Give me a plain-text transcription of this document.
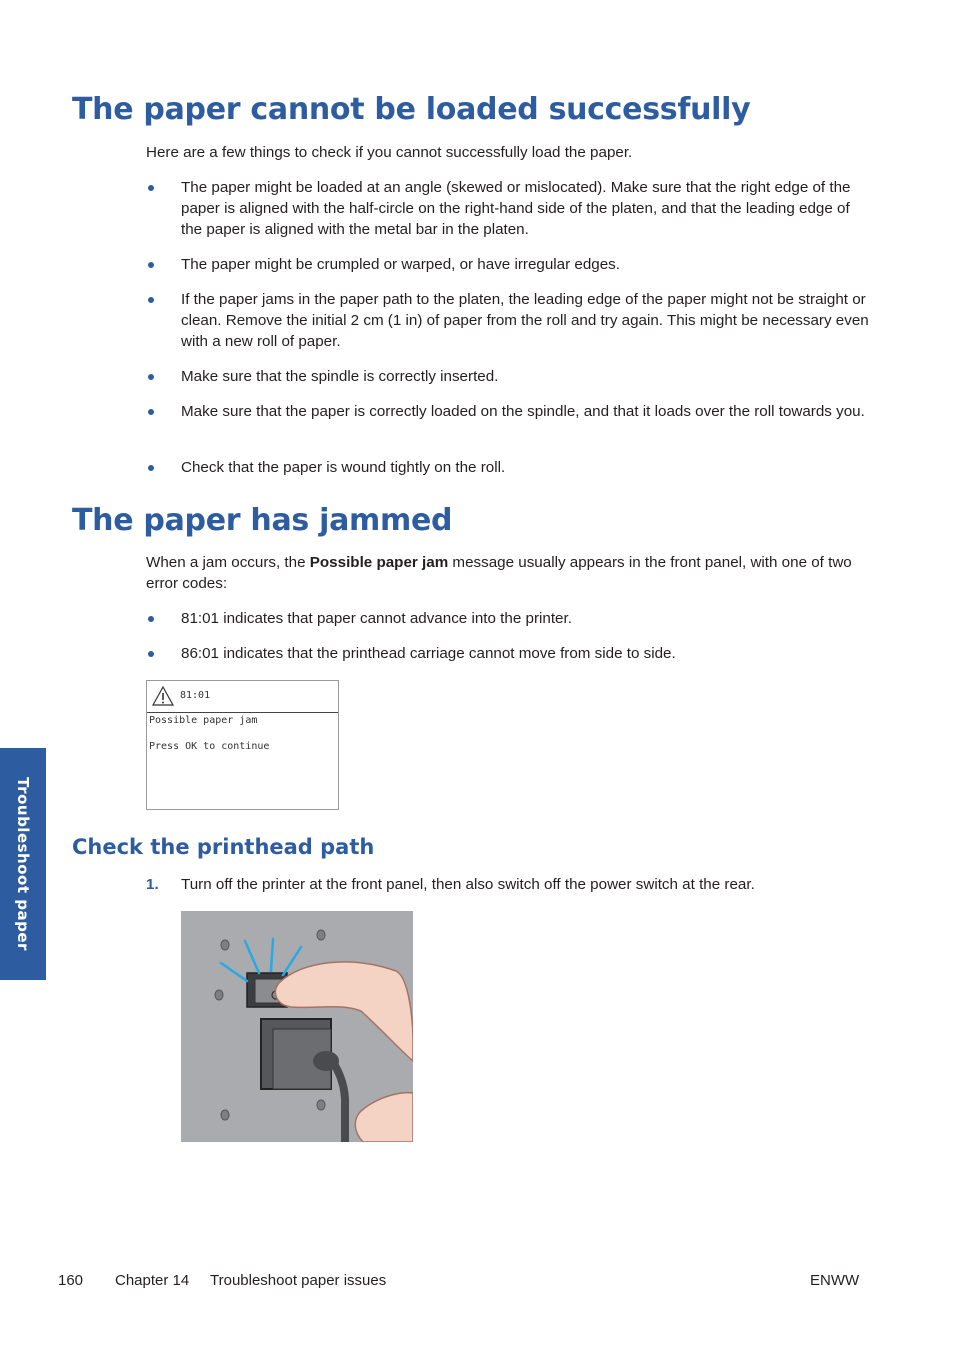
The paper cannot be loaded successfully

Here are a few things to check if you cannot successfully load the paper.

The paper might be loaded at an angle (skewed or mislocated). Make sure that the right edge of the paper is aligned with the half-circle on the right-hand side of the platen, and that the leading edge of the paper is aligned with the metal bar in the platen.

The paper might be crumpled or warped, or have irregular edges.

If the paper jams in the paper path to the platen, the leading edge of the paper might not be straight or clean. Remove the initial 2 cm (1 in) of paper from the roll and try again. This might be necessary even with a new roll of paper.

Make sure that the spindle is correctly inserted.

Make sure that the paper is correctly loaded on the spindle, and that it loads over the roll towards you.

Check that the paper is wound tightly on the roll.

The paper has jammed

When a jam occurs, the Possible paper jam message usually appears in the front panel, with one of two error codes:

81:01 indicates that paper cannot advance into the printer.

86:01 indicates that the printhead carriage cannot move from side to side.

81:01
Possible paper jam
Press OK to continue
Check the printhead path

1. Turn off the printer at the front panel, then also switch off the power switch at the rear.

Troubleshoot paper

160 Chapter 14 Troubleshoot paper issues	ENWW
